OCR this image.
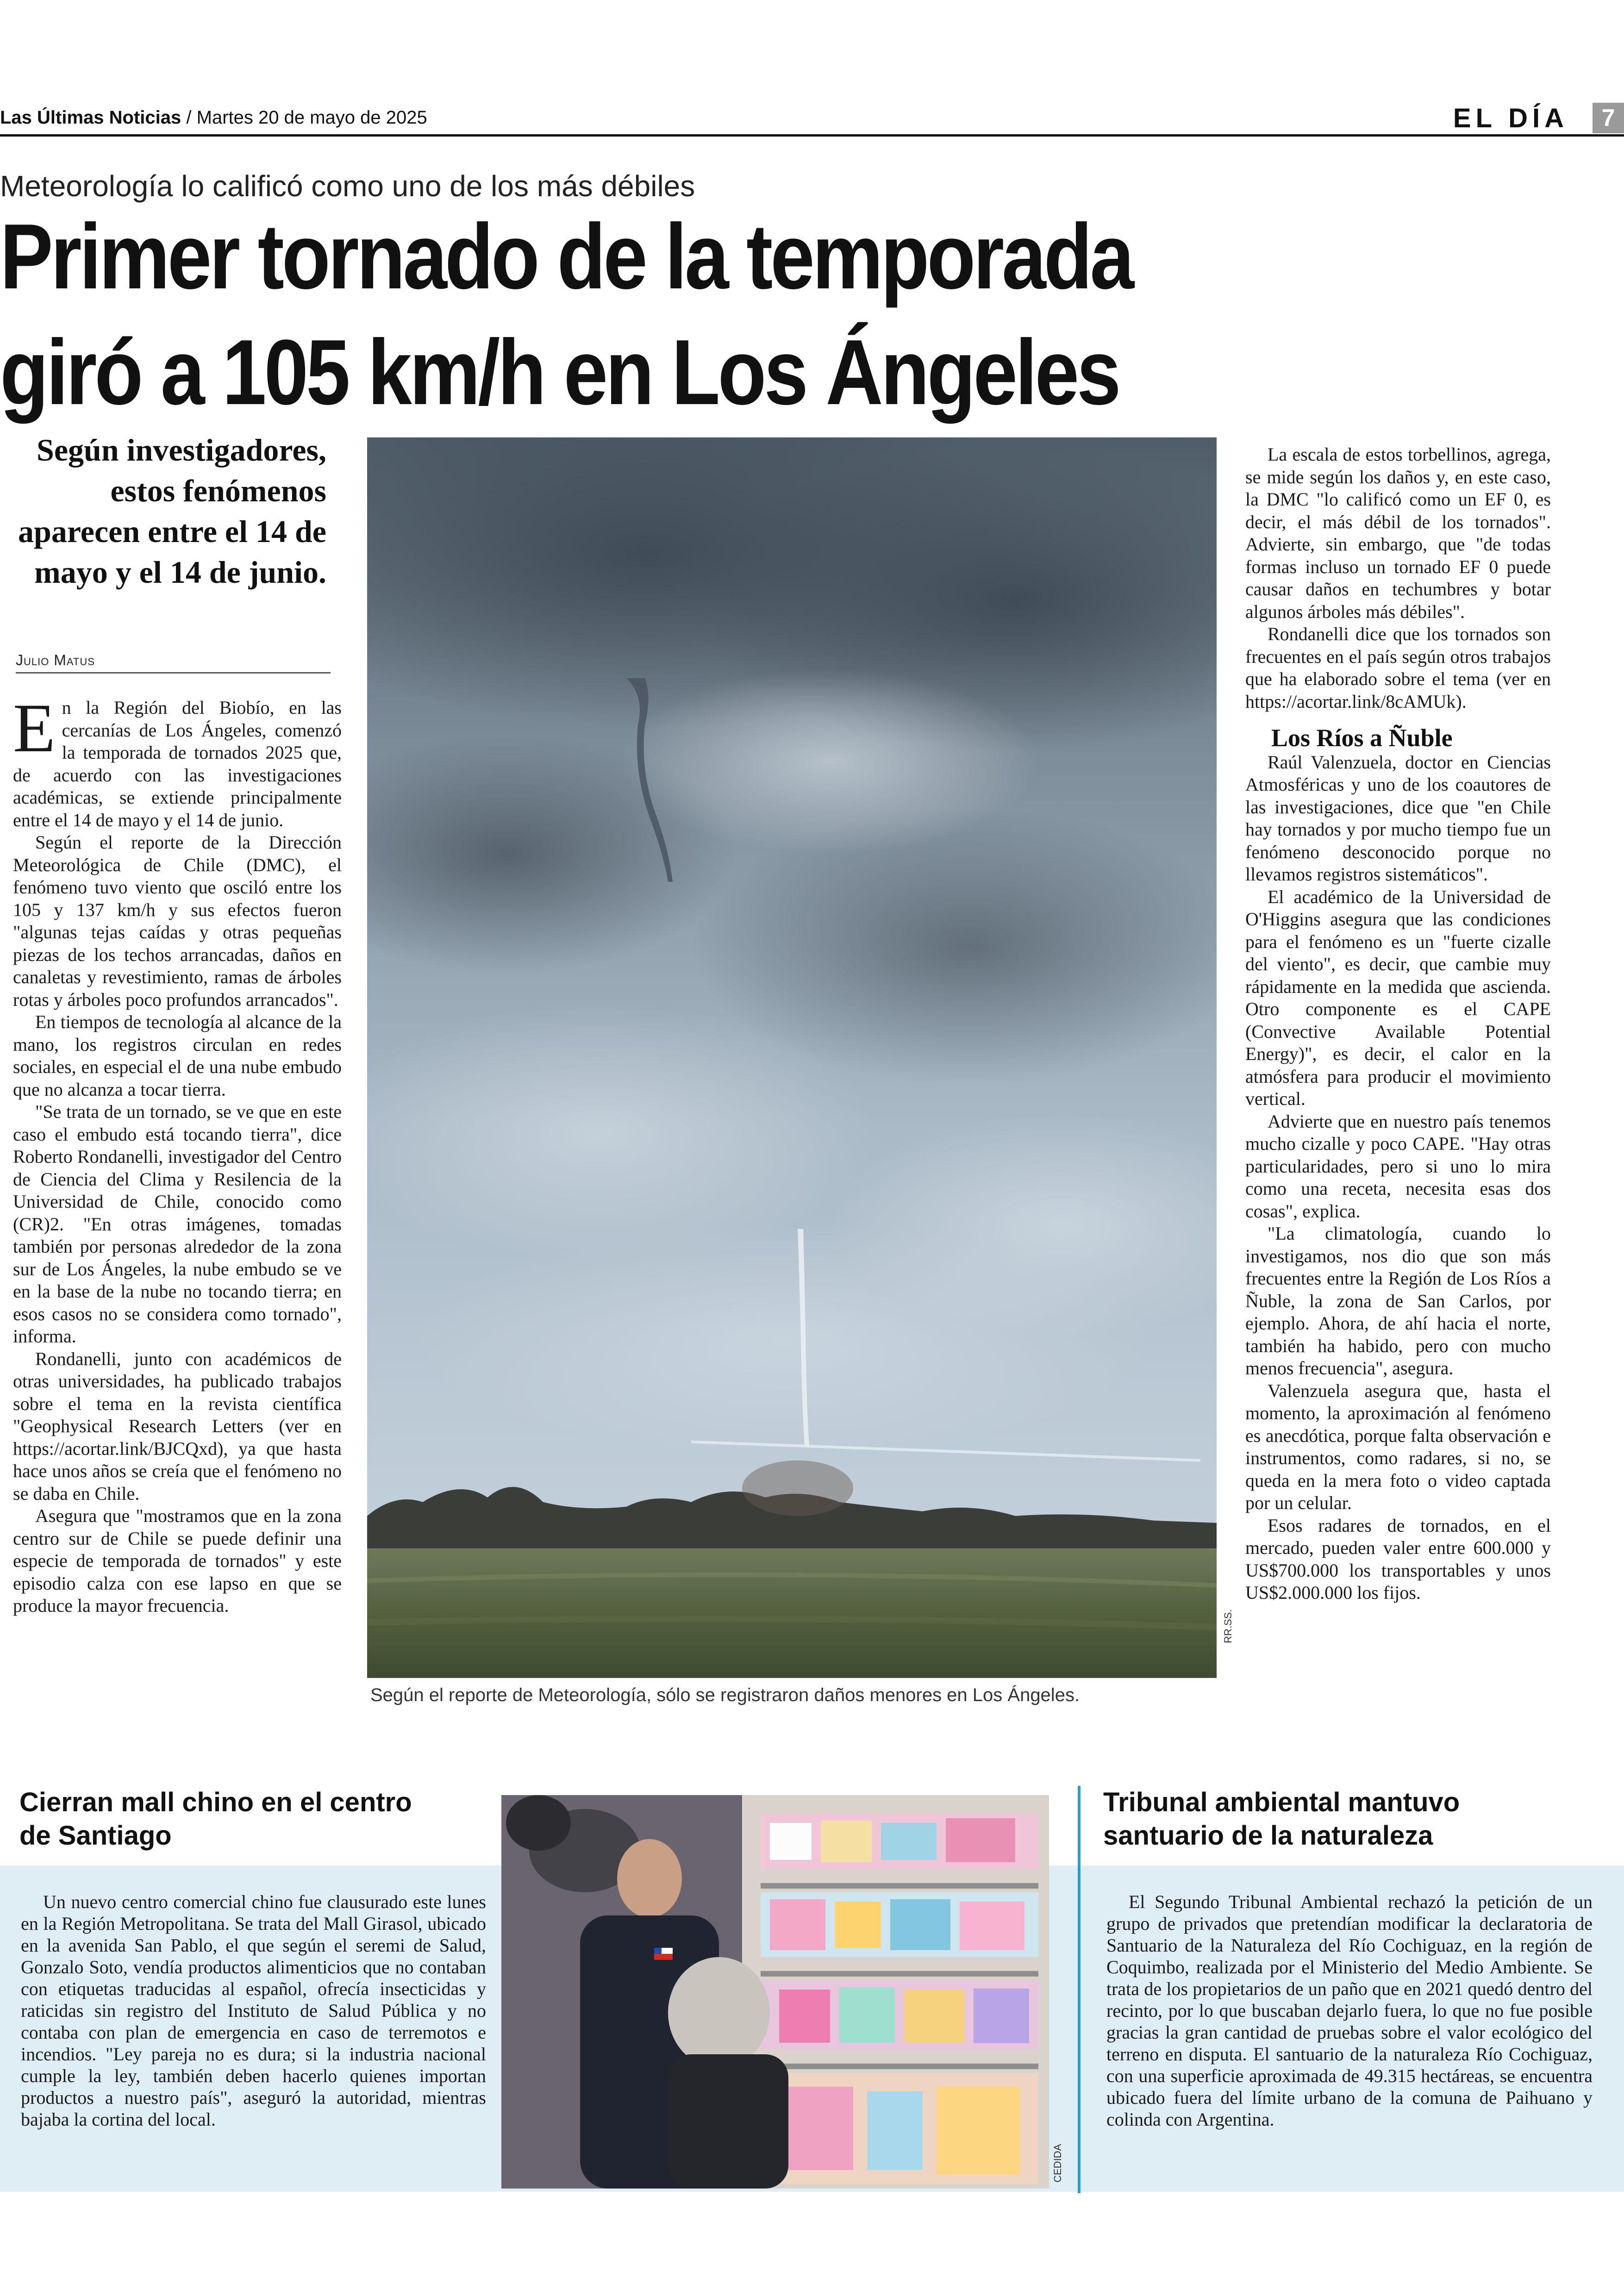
Las Últimas Noticias / Martes 20 de mayo de 2025	EL DÍA	7
Meteorología lo calificó como uno de los más débiles
Primer tornado de la temporada
giró a 105 km/h en Los Ángeles
Según investigadores, estos fenómenos aparecen entre el 14 de mayo y el 14 de junio.
Julio Matus

En la Región del Biobío, en las cercanías de Los Ángeles, comenzó la temporada de tornados 2025 que, de acuerdo con las investigaciones académicas, se extiende principalmente entre el 14 de mayo y el 14 de junio.

Según el reporte de la Dirección Meteorológica de Chile (DMC), el fenómeno tuvo viento que osciló entre los 105 y 137 km/h y sus efectos fueron "algunas tejas caídas y otras pequeñas piezas de los techos arrancadas, daños en canaletas y revestimiento, ramas de árboles rotas y árboles poco profundos arrancados".

En tiempos de tecnología al alcance de la mano, los registros circulan en redes sociales, en especial el de una nube embudo que no alcanza a tocar tierra.

"Se trata de un tornado, se ve que en este caso el embudo está tocando tierra", dice Roberto Rondanelli, investigador del Centro de Ciencia del Clima y Resilencia de la Universidad de Chile, conocido como (CR)2. "En otras imágenes, tomadas también por personas alrededor de la zona sur de Los Ángeles, la nube embudo se ve en la base de la nube no tocando tierra; en esos casos no se considera como tornado", informa.

Rondanelli, junto con académicos de otras universidades, ha publicado trabajos sobre el tema en la revista científica "Geophysical Research Letters (ver en https://acortar.link/BJCQxd), ya que hasta hace unos años se creía que el fenómeno no se daba en Chile.

Asegura que "mostramos que en la zona centro sur de Chile se puede definir una especie de temporada de tornados" y este episodio calza con ese lapso en que se produce la mayor frecuencia.

RR.SS.
Según el reporte de Meteorología, sólo se registraron daños menores en Los Ángeles.

La escala de estos torbellinos, agrega, se mide según los daños y, en este caso, la DMC "lo calificó como un EF 0, es decir, el más débil de los tornados". Advierte, sin embargo, que "de todas formas incluso un tornado EF 0 puede causar daños en techumbres y botar algunos árboles más débiles".

Rondanelli dice que los tornados son frecuentes en el país según otros trabajos que ha elaborado sobre el tema (ver en https://acortar.link/8cAMUk).

Los Ríos a Ñuble

Raúl Valenzuela, doctor en Ciencias Atmosféricas y uno de los coautores de las investigaciones, dice que "en Chile hay tornados y por mucho tiempo fue un fenómeno desconocido porque no llevamos registros sistemáticos".

El académico de la Universidad de O'Higgins asegura que las condiciones para el fenómeno es un "fuerte cizalle del viento", es decir, que cambie muy rápidamente en la medida que ascienda. Otro componente es el CAPE (Convective Available Potential Energy)", es decir, el calor en la atmósfera para producir el movimiento vertical.

Advierte que en nuestro país tenemos mucho cizalle y poco CAPE. "Hay otras particularidades, pero si uno lo mira como una receta, necesita esas dos cosas", explica.

"La climatología, cuando lo investigamos, nos dio que son más frecuentes entre la Región de Los Ríos a Ñuble, la zona de San Carlos, por ejemplo. Ahora, de ahí hacia el norte, también ha habido, pero con mucho menos frecuencia", asegura.

Valenzuela asegura que, hasta el momento, la aproximación al fenómeno es anecdótica, porque falta observación e instrumentos, como radares, si no, se queda en la mera foto o video captada por un celular.

Esos radares de tornados, en el mercado, pueden valer entre 600.000 y US$700.000 los transportables y unos US$2.000.000 los fijos.

Cierran mall chino en el centro de Santiago
Un nuevo centro comercial chino fue clausurado este lunes en la Región Metropolitana. Se trata del Mall Girasol, ubicado en la avenida San Pablo, el que según el seremi de Salud, Gonzalo Soto, vendía productos alimenticios que no contaban con etiquetas traducidas al español, ofrecía insecticidas y raticidas sin registro del Instituto de Salud Pública y no contaba con plan de emergencia en caso de terremotos e incendios. "Ley pareja no es dura; si la industria nacional cumple la ley, también deben hacerlo quienes importan productos a nuestro país", aseguró la autoridad, mientras bajaba la cortina del local.
CEDIDA
Tribunal ambiental mantuvo santuario de la naturaleza
El Segundo Tribunal Ambiental rechazó la petición de un grupo de privados que pretendían modificar la declaratoria de Santuario de la Naturaleza del Río Cochiguaz, en la región de Coquimbo, realizada por el Ministerio del Medio Ambiente. Se trata de los propietarios de un paño que en 2021 quedó dentro del recinto, por lo que buscaban dejarlo fuera, lo que no fue posible gracias la gran cantidad de pruebas sobre el valor ecológico del terreno en disputa. El santuario de la naturaleza Río Cochiguaz, con una superficie aproximada de 49.315 hectáreas, se encuentra ubicado fuera del límite urbano de la comuna de Paihuano y colinda con Argentina.
